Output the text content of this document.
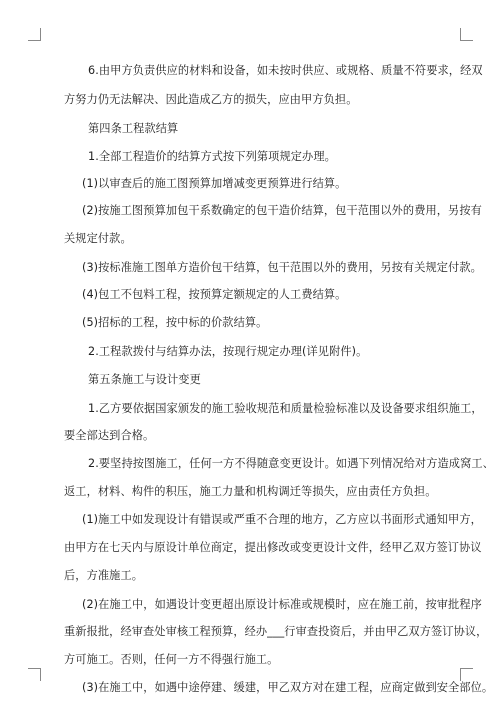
6.由甲方负责供应的材料和设备，如未按时供应、或规格、质量不符要求，经双
方努力仍无法解决、因此造成乙方的损失，应由甲方负担。
第四条工程款结算
1.全部工程造价的结算方式按下列第项规定办理。
(1)以审查后的施工图预算加增减变更预算进行结算。
(2)按施工图预算加包干系数确定的包干造价结算，包干范围以外的费用，另按有
关规定付款。
(3)按标准施工图单方造价包干结算，包干范围以外的费用，另按有关规定付款。
(4)包工不包料工程，按预算定额规定的人工费结算。
(5)招标的工程，按中标的价款结算。
2.工程款拨付与结算办法，按现行规定办理(详见附件)。
第五条施工与设计变更
1.乙方要依据国家颁发的施工验收规范和质量检验标准以及设备要求组织施工，
要全部达到合格。
2.要坚持按图施工，任何一方不得随意变更设计。如遇下列情况给对方造成窝工、
返工，材料、构件的积压，施工力量和机构调迁等损失，应由责任方负担。
(1)施工中如发现设计有错误或严重不合理的地方，乙方应以书面形式通知甲方，
由甲方在七天内与原设计单位商定，提出修改或变更设计文件，经甲乙双方签订协议
后，方准施工。
(2)在施工中，如遇设计变更超出原设计标准或规模时，应在施工前，按审批程序
重新报批，经审查处审核工程预算，经办___行审查投资后，并由甲乙双方签订协议，
方可施工。否则，任何一方不得强行施工。
(3)在施工中，如遇中途停建、缓建，甲乙双方对在建工程，应商定做到安全部位。
